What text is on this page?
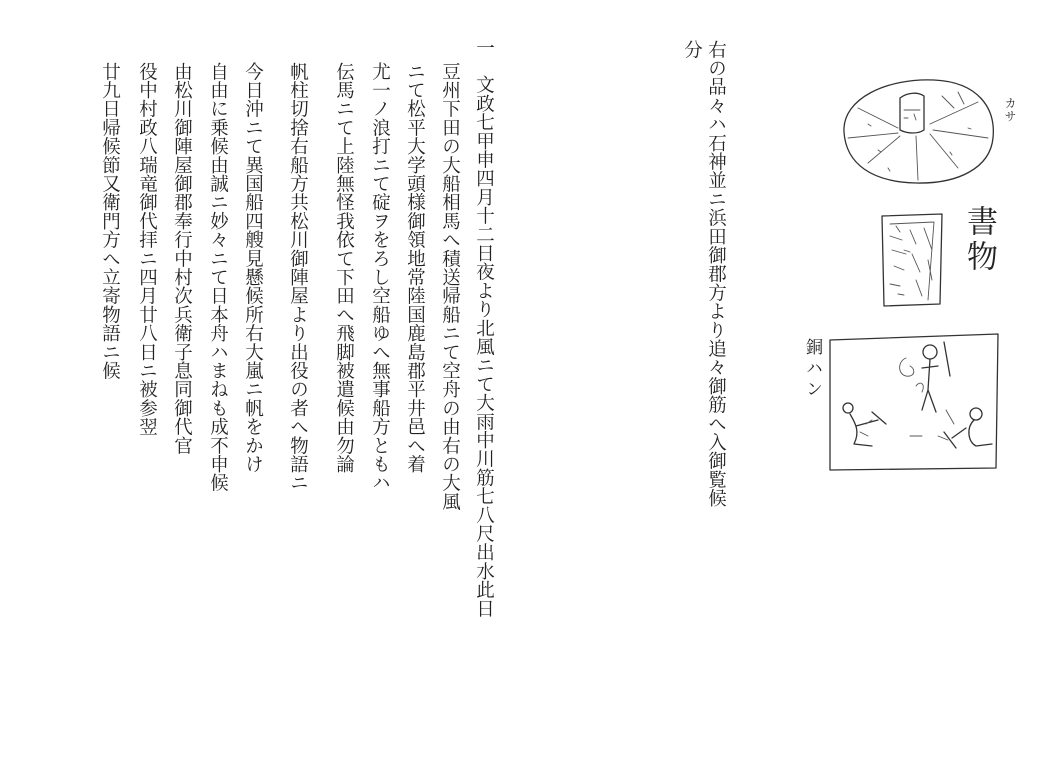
右の品々ハ石神並ニ浜田御郡方より追々御筋へ入御覧候
分
一　文政七甲申四月十二日夜より北風ニて大雨中川筋七八尺出水此日
豆州下田の大船相馬へ積送帰船ニて空舟の由右の大風
ニて松平大学頭様御領地常陸国鹿島郡平井邑へ着
尤一ノ浪打ニて碇ヲをろし空船ゆへ無事船方ともハ
伝馬ニて上陸無怪我依て下田へ飛脚被遣候由勿論
帆柱切捨右船方共松川御陣屋より出役の者へ物語ニ
今日沖ニて異国船四艘見懸候所右大嵐ニ帆をかけ
自由に乗候由誠ニ妙々ニて日本舟ハまねも成不申候
由松川御陣屋御郡奉行中村次兵衛子息同御代官
役中村政八瑞竜御代拝ニ四月廿八日ニ被参翌
廿九日帰候節又衛門方へ立寄物語ニ候	カサ
書物
銅ハン
